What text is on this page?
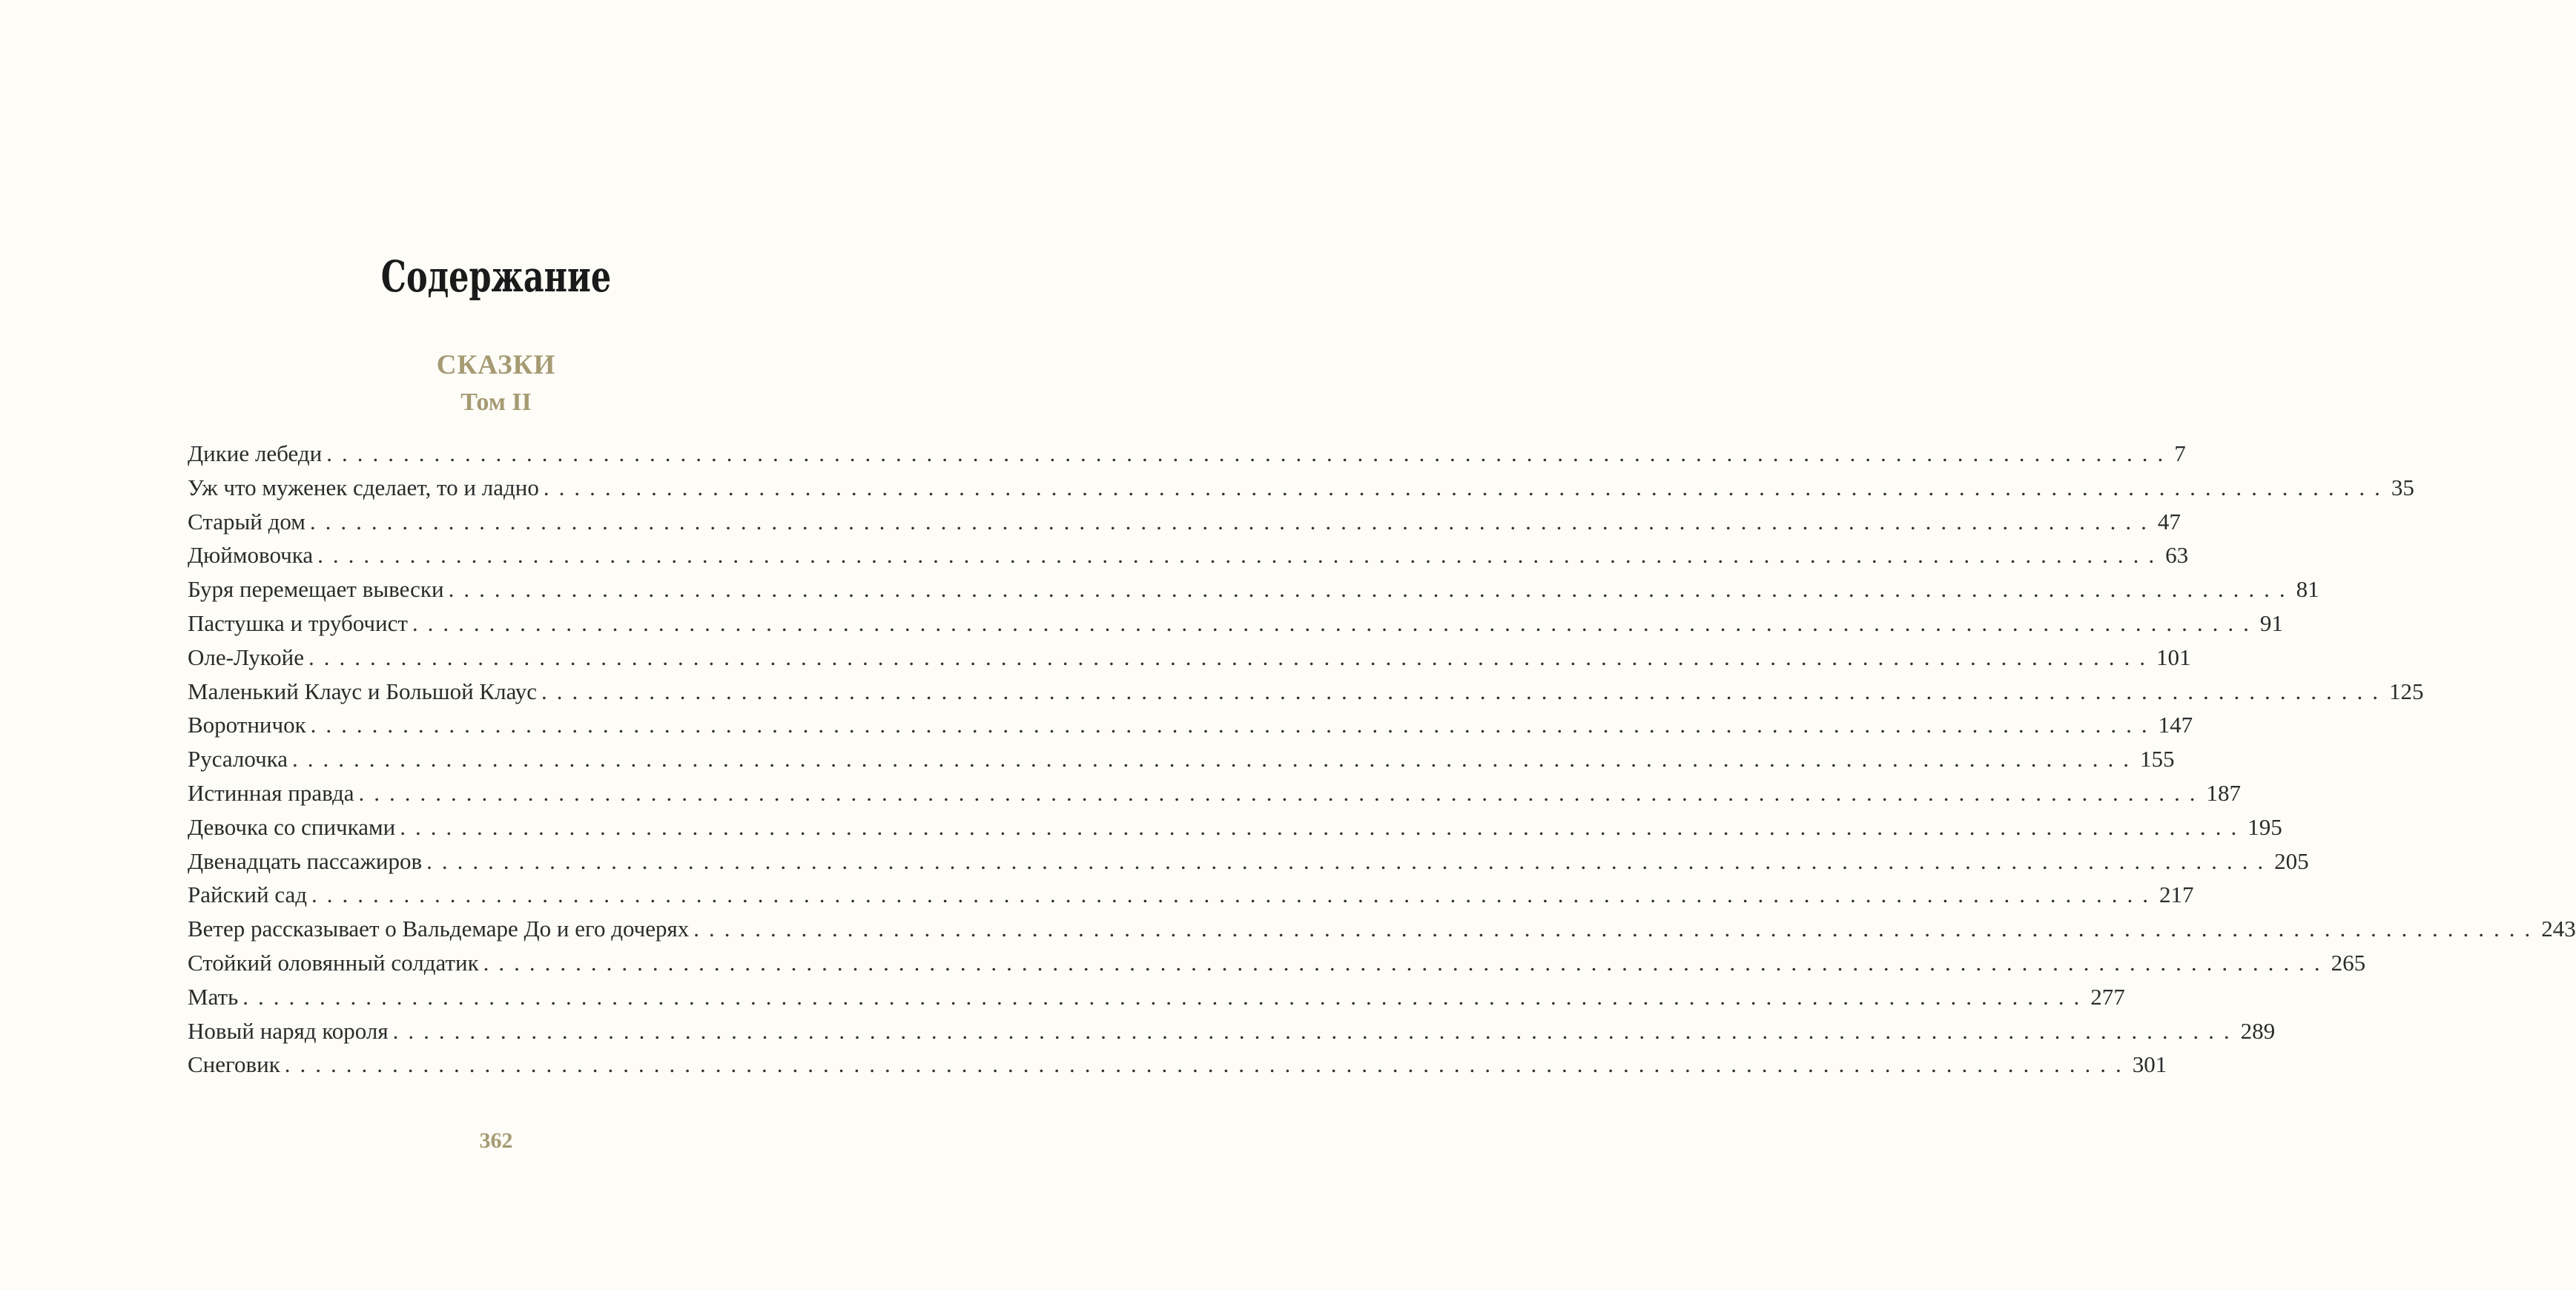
Содержание
СКАЗКИ
Том II
Дикие лебеди ........................................................................................................................ 7
Уж что муженек сделает, то и ладно ........................................................................................................................ 35
Старый дом ........................................................................................................................ 47
Дюймовочка ........................................................................................................................ 63
Буря перемещает вывески ........................................................................................................................ 81
Пастушка и трубочист ........................................................................................................................ 91
Оле-Лукойе ........................................................................................................................ 101
Маленький Клаус и Большой Клаус ........................................................................................................................ 125
Воротничок ........................................................................................................................ 147
Русалочка ........................................................................................................................ 155
Истинная правда ........................................................................................................................ 187
Девочка со спичками ........................................................................................................................ 195
Двенадцать пассажиров ........................................................................................................................ 205
Райский сад ........................................................................................................................ 217
Ветер рассказывает о Вальдемаре До и его дочерях ........................................................................................................................ 243
Стойкий оловянный солдатик ........................................................................................................................ 265
Мать ........................................................................................................................ 277
Новый наряд короля ........................................................................................................................ 289
Снеговик ........................................................................................................................ 301
362
